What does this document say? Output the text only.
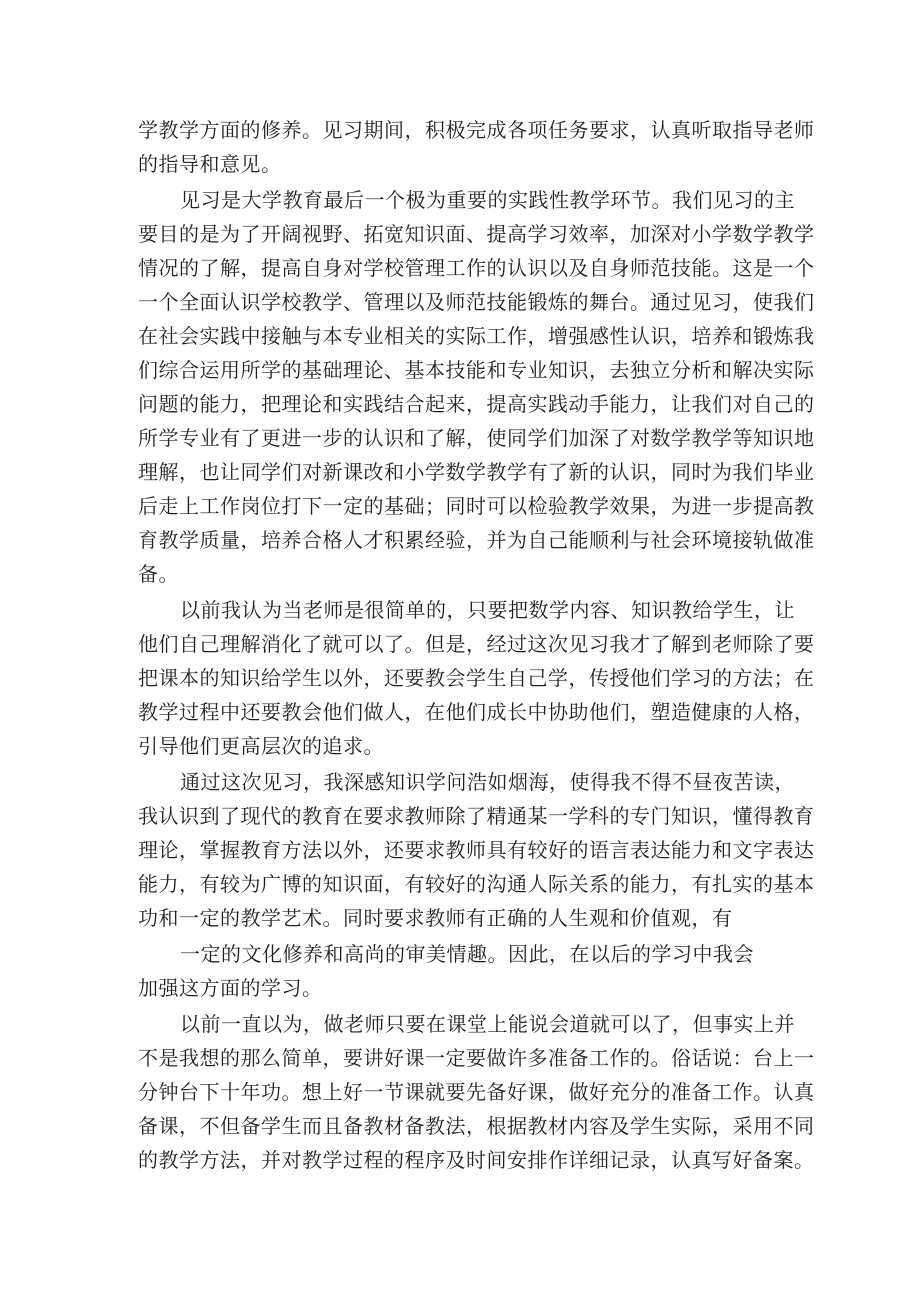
学教学方面的修养。见习期间，积极完成各项任务要求，认真听取指导老师
的指导和意见。
见习是大学教育最后一个极为重要的实践性教学环节。我们见习的主
要目的是为了开阔视野、拓宽知识面、提高学习效率，加深对小学数学教学
情况的了解，提高自身对学校管理工作的认识以及自身师范技能。这是一个
一个全面认识学校教学、管理以及师范技能锻炼的舞台。通过见习，使我们
在社会实践中接触与本专业相关的实际工作，增强感性认识，培养和锻炼我
们综合运用所学的基础理论、基本技能和专业知识，去独立分析和解决实际
问题的能力，把理论和实践结合起来，提高实践动手能力，让我们对自己的
所学专业有了更进一步的认识和了解，使同学们加深了对数学教学等知识地
理解，也让同学们对新课改和小学数学教学有了新的认识，同时为我们毕业
后走上工作岗位打下一定的基础；同时可以检验教学效果，为进一步提高教
育教学质量，培养合格人才积累经验，并为自己能顺利与社会环境接轨做准
备。
以前我认为当老师是很简单的，只要把数学内容、知识教给学生，让
他们自己理解消化了就可以了。但是，经过这次见习我才了解到老师除了要
把课本的知识给学生以外，还要教会学生自己学，传授他们学习的方法；在
教学过程中还要教会他们做人，在他们成长中协助他们，塑造健康的人格，
引导他们更高层次的追求。
通过这次见习，我深感知识学问浩如烟海，使得我不得不昼夜苦读，
我认识到了现代的教育在要求教师除了精通某一学科的专门知识，懂得教育
理论，掌握教育方法以外，还要求教师具有较好的语言表达能力和文字表达
能力，有较为广博的知识面，有较好的沟通人际关系的能力，有扎实的基本
功和一定的教学艺术。同时要求教师有正确的人生观和价值观，有
一定的文化修养和高尚的审美情趣。因此，在以后的学习中我会
加强这方面的学习。
以前一直以为，做老师只要在课堂上能说会道就可以了，但事实上并
不是我想的那么简单，要讲好课一定要做许多准备工作的。俗话说：台上一
分钟台下十年功。想上好一节课就要先备好课，做好充分的准备工作。认真
备课，不但备学生而且备教材备教法，根据教材内容及学生实际，采用不同
的教学方法，并对教学过程的程序及时间安排作详细记录，认真写好备案。
